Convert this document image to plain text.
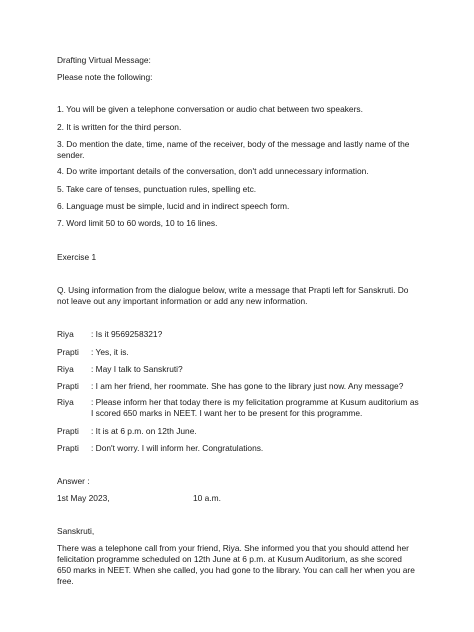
Drafting Virtual Message:
Please note the following:
1. You will be given a telephone conversation or audio chat between two speakers.
2. It is written for the third person.
3. Do mention the date, time, name of the receiver, body of the message and lastly name of the sender.
4. Do write important details of the conversation, don't add unnecessary information.
5. Take care of tenses, punctuation rules, spelling etc.
6. Language must be simple, lucid and in indirect speech form.
7. Word limit 50 to 60 words, 10 to 16 lines.
Exercise 1
Q. Using information from the dialogue below, write a message that Prapti left for Sanskruti. Do not leave out any important information or add any new information.
Riya : Is it 9569258321?
Prapti : Yes, it is.
Riya : May I talk to Sanskruti?
Prapti : I am her friend, her roommate. She has gone to the library just now. Any message?
Riya : Please inform her that today there is my felicitation programme at Kusum auditorium as I scored 650 marks in NEET. I want her to be present for this programme.
Prapti : It is at 6 p.m. on 12th June.
Prapti : Don't worry. I will inform her. Congratulations.
Answer :
1st May 2023,	10 a.m.
Sanskruti,
There was a telephone call from your friend, Riya. She informed you that you should attend her felicitation programme scheduled on 12th June at 6 p.m. at Kusum Auditorium, as she scored 650 marks in NEET. When she called, you had gone to the library. You can call her when you are free.
